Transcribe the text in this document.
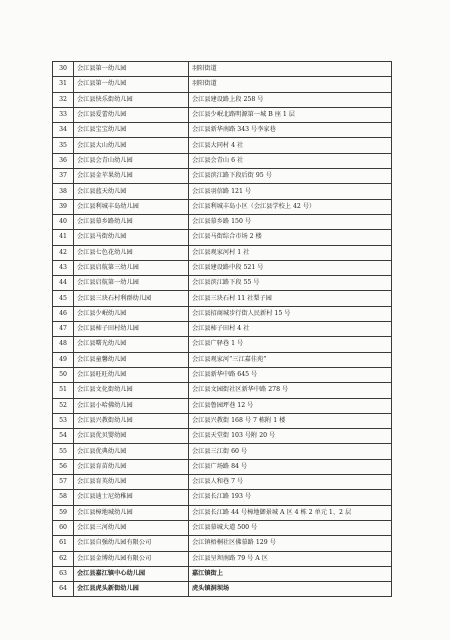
30	会江县第一幼儿园	羽阳街道
31	会江县第一幼儿园	羽阳街道
32	会江县快乐街幼儿园	会江县建设路上段 258 号
33	会江县爱蕾幼儿园	会江县少岷北路明源第一城 B 座 1 层
34	会江县宝宝幼儿园	会江县新华南路 343 号李家巷
35	会江县大山幼儿园	会江县大同村 4 社
36	会江县会青山幼儿园	会江县会青山 6 社
37	会江县金苹果幼儿园	会江县滨江路下段后街 95 号
38	会江县蓝天幼儿园	会江县羽信路 121 号
39	会江县利城丰岛幼儿园	会江县利城丰岛小区（会江县学校上 42 号）
40	会江县慕乡路幼儿园	会江县慕乡路 150 号
41	会江县马街幼儿园	会江县马街综合市场 2 楼
42	会江县七色花幼儿园	会江县观家河村 1 社
43	会江县启航第三幼儿园	会江县建设路中段 521 号
44	会江县启航第一幼儿园	会江县滨江路下段 55 号
45	会江县三块石村利群幼儿园	会江县三块石村 11 社梨子园
46	会江县少岷幼儿园	会江县招商城步行街人民新村 15 号
47	会江县柿子田村幼儿园	会江县柿子田村 4 社
48	会江县曙光幼儿园	会江县广驿巷 1 号
49	会江县童馨幼儿园	会江县观家河“三江嘉佳苑”
50	会江县旺旺幼儿园	会江县新华中路 645 号
51	会江县文化街幼儿园	会江县文园街社区新华中路 278 号
52	会江县小哈佛幼儿园	会江县鲁园坪巷 12 号
53	会江县兴教街幼儿园	会江县兴教街 168 号 7 栋附 1 楼
54	会江县优贝婴幼园	会江县天堂街 103 号附 20 号
55	会江县优典幼儿园	会江县三江街 60 号
56	会江县育苗幼儿园	会江县广场路 84 号
57	会江县育英幼儿园	会江县人和巷 7 号
58	会江县迪士尼幼稚园	会江县长江路 193 号
59	会江县樟地城幼儿园	会江县长江路 44 号樟地御景城 A 区 4 栋 2 单元 1、2 层
60	会江县三河幼儿园	会江县慕城大道 500 号
61	会江县自强幼儿园有限公司	会江镇梧桐社区佛慕路 129 号
62	会江县金博幼儿园有限公司	会江县呈坝南路 79 号 A 区
63	会江县嘉江镇中心幼儿园	嘉江镇街上
64	会江县虎头新街幼儿园	虎头镇洞坝场
